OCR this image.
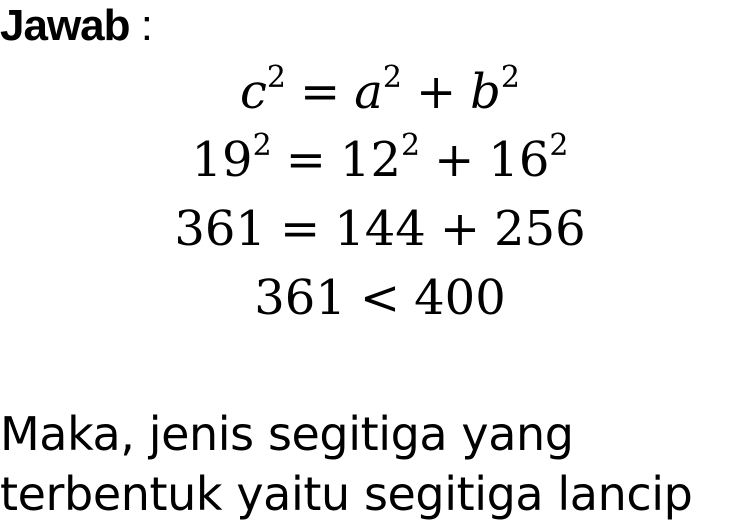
Jawab :
$c^2 = a^2 + b^2$
$19^2 = 12^2 + 16^2$
361 = 144 + 256
361 < 400
Maka, jenis segitiga yang
terbentuk yaitu segitiga lancip
